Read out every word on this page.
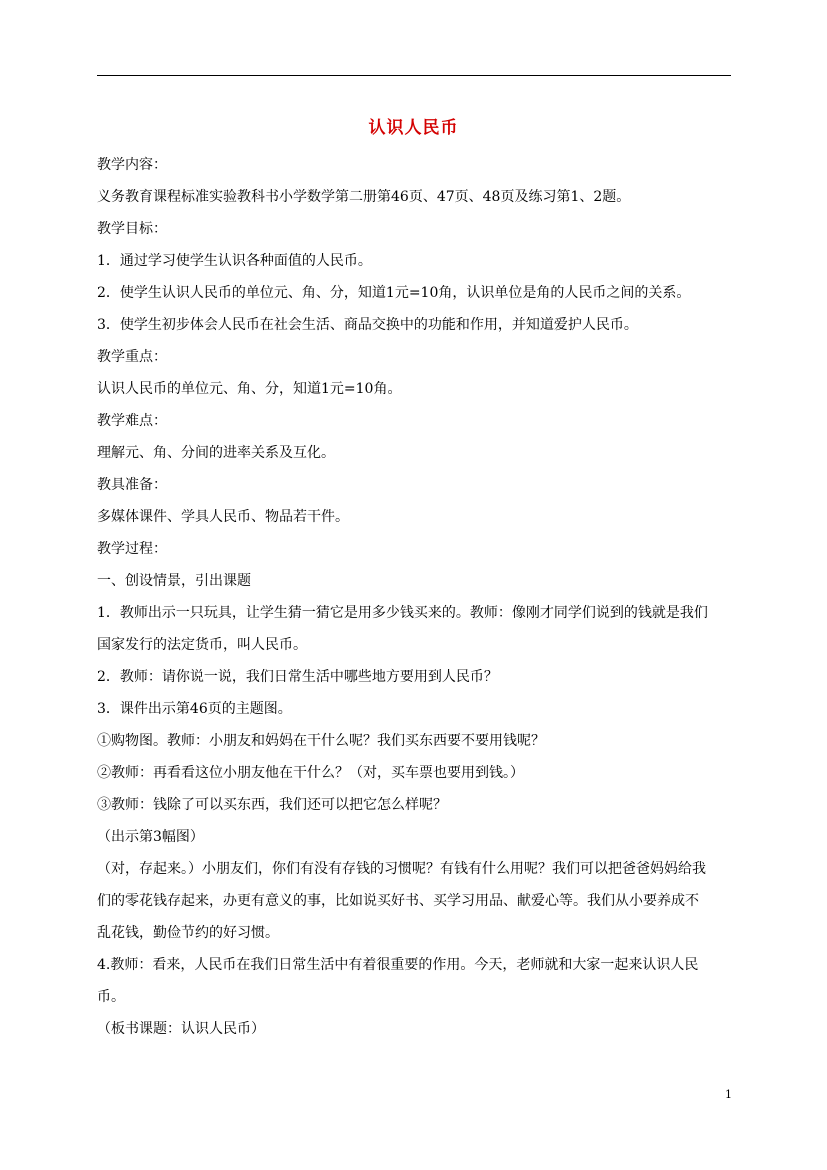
认识人民币
教学内容：
义务教育课程标准实验教科书小学数学第二册第46页、47页、48页及练习第1、2题。
教学目标：
1．通过学习使学生认识各种面值的人民币。
2．使学生认识人民币的单位元、角、分，知道1元=10角，认识单位是角的人民币之间的关系。
3．使学生初步体会人民币在社会生活、商品交换中的功能和作用，并知道爱护人民币。
教学重点：
认识人民币的单位元、角、分，知道1元=10角。
教学难点：
理解元、角、分间的进率关系及互化。
教具准备：
多媒体课件、学具人民币、物品若干件。
教学过程：
一、创设情景，引出课题
1．教师出示一只玩具，让学生猜一猜它是用多少钱买来的。教师：像刚才同学们说到的钱就是我们
国家发行的法定货币，叫人民币。
2．教师：请你说一说，我们日常生活中哪些地方要用到人民币？
3．课件出示第46页的主题图。
①购物图。教师：小朋友和妈妈在干什么呢？我们买东西要不要用钱呢？
②教师：再看看这位小朋友他在干什么？（对，买车票也要用到钱。）
③教师：钱除了可以买东西，我们还可以把它怎么样呢？
（出示第3幅图）
（对，存起来。）小朋友们，你们有没有存钱的习惯呢？有钱有什么用呢？我们可以把爸爸妈妈给我
们的零花钱存起来，办更有意义的事，比如说买好书、买学习用品、献爱心等。我们从小要养成不
乱花钱，勤俭节约的好习惯。
4.教师：看来，人民币在我们日常生活中有着很重要的作用。今天，老师就和大家一起来认识人民
币。
（板书课题：认识人民币）
1
